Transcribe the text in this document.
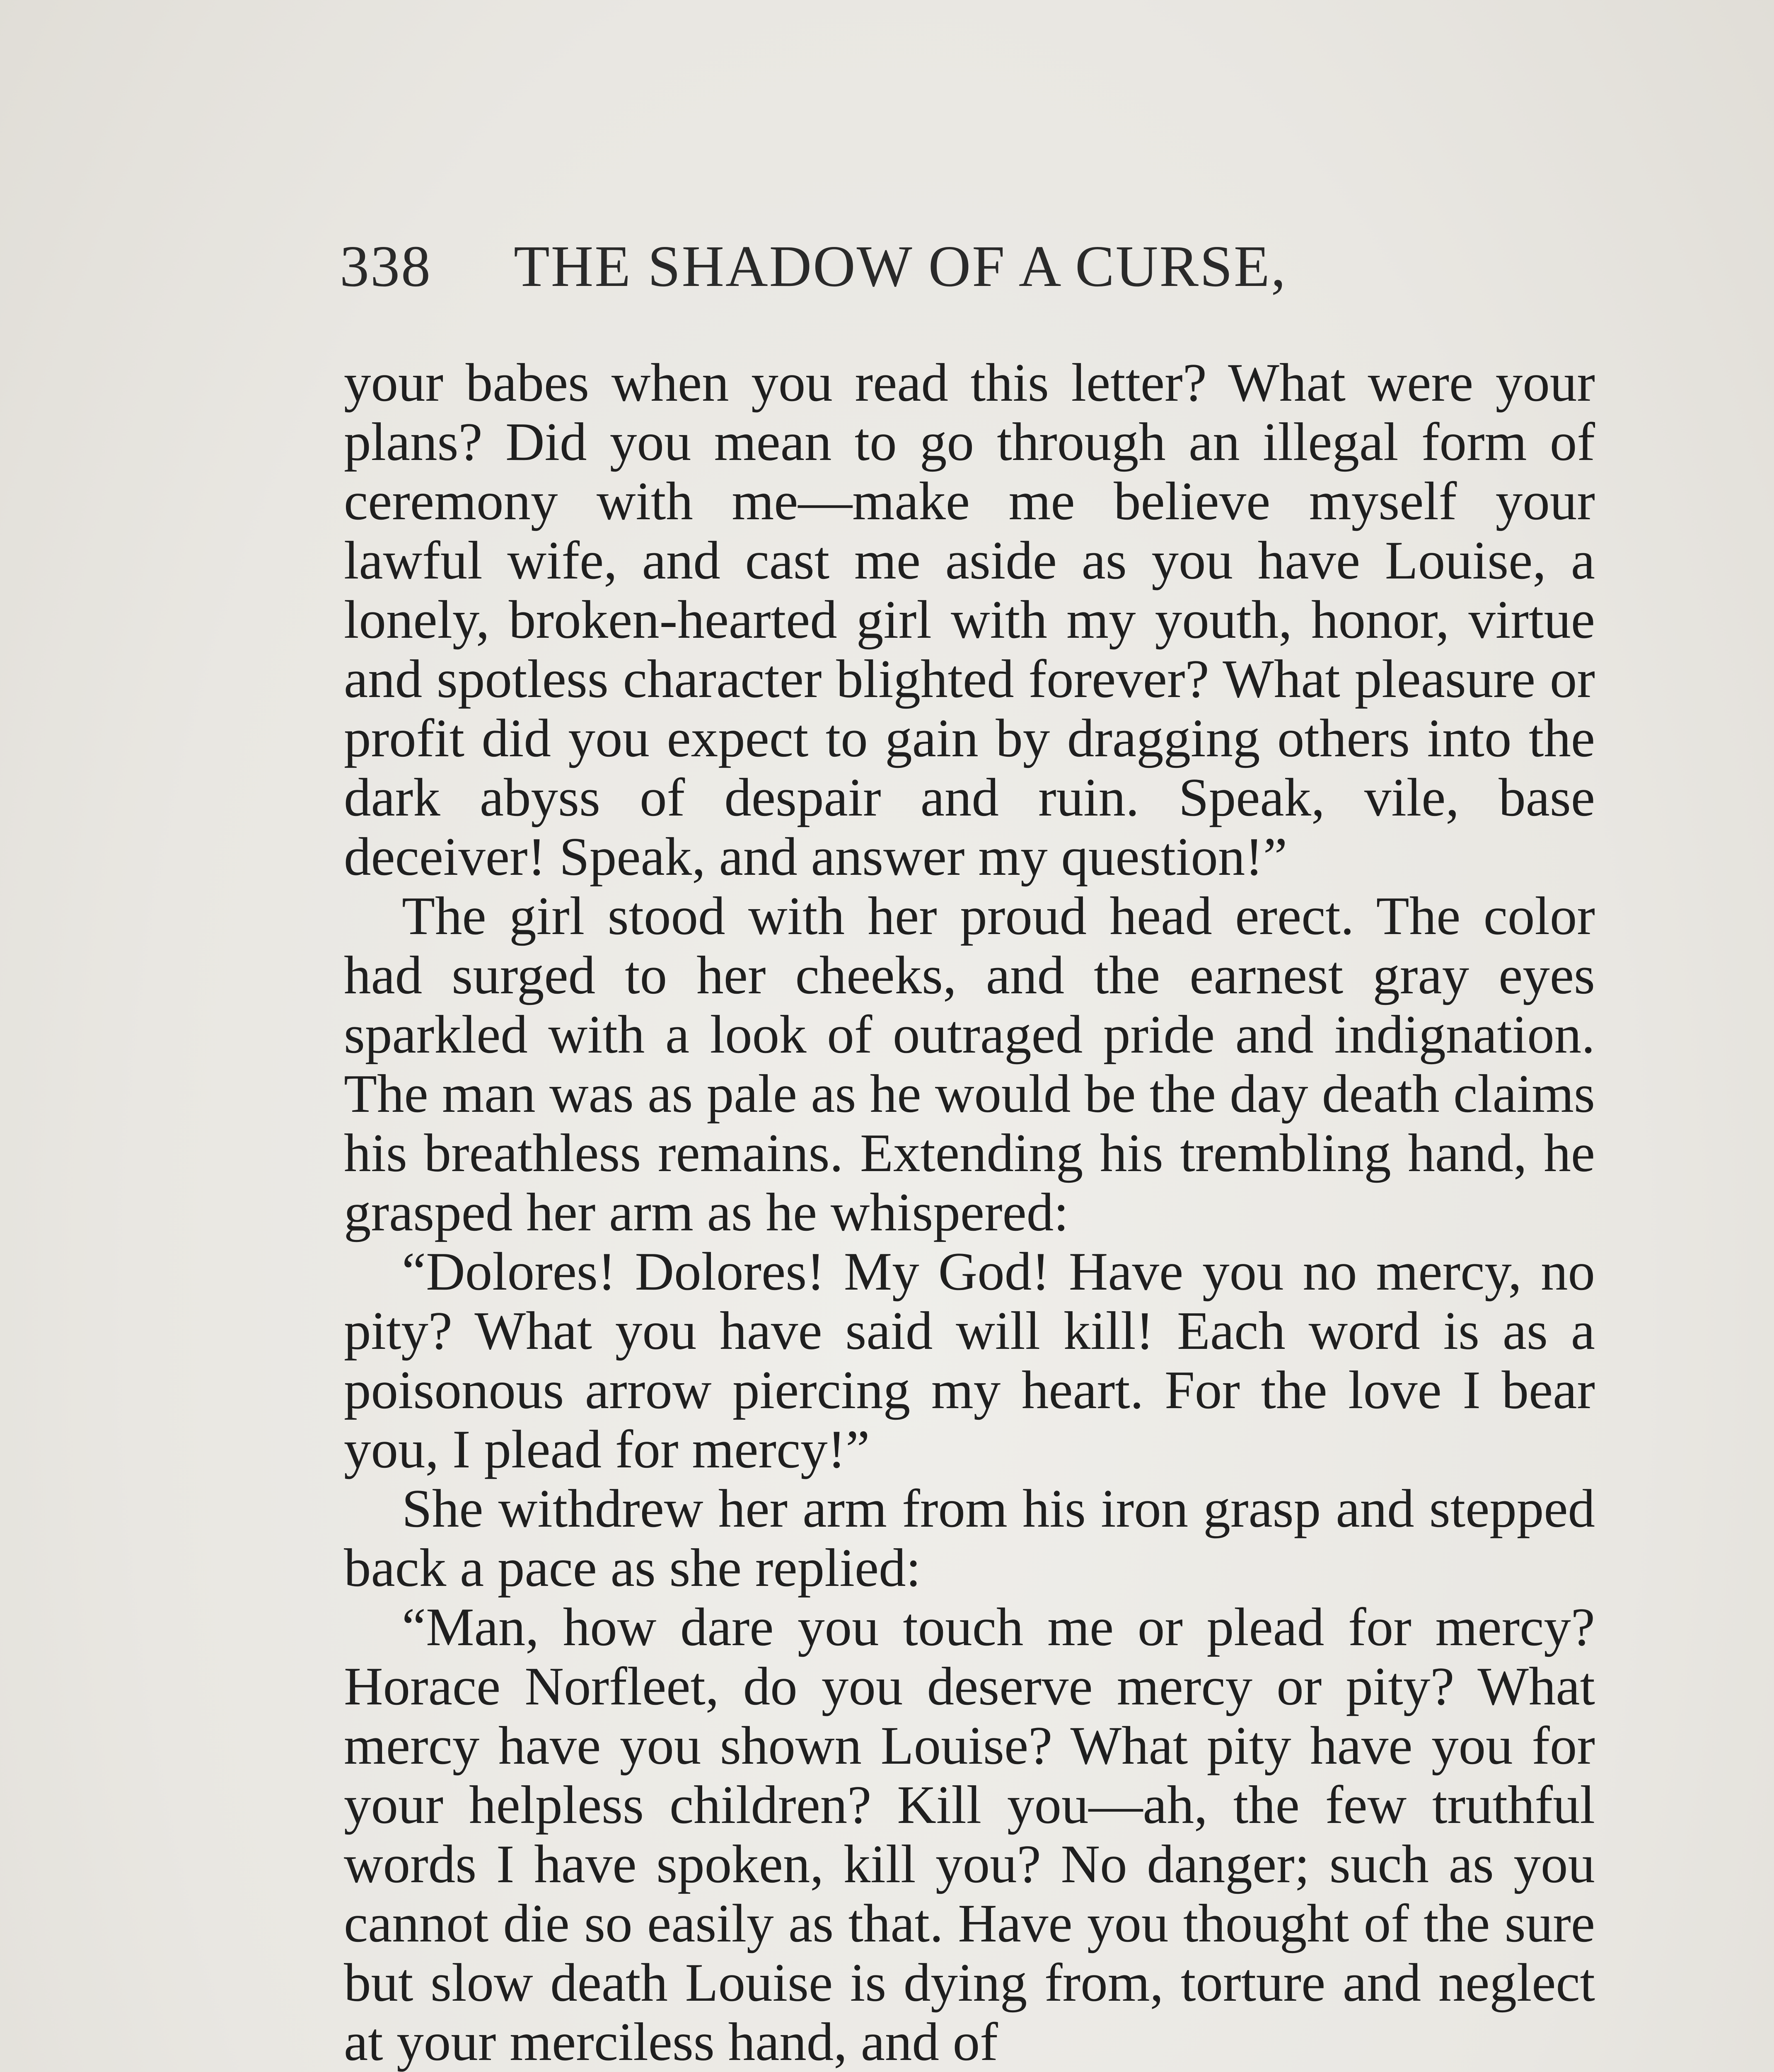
338 THE SHADOW OF A CURSE,

your babes when you read this letter? What were your plans? Did you mean to go through an illegal form of ceremony with me—make me believe myself your lawful wife, and cast me aside as you have Louise, a lonely, broken-hearted girl with my youth, honor, virtue and spotless character blighted forever? What pleasure or profit did you expect to gain by dragging others into the dark abyss of despair and ruin. Speak, vile, base deceiver! Speak, and answer my question!”

The girl stood with her proud head erect. The color had surged to her cheeks, and the earnest gray eyes sparkled with a look of outraged pride and indignation. The man was as pale as he would be the day death claims his breathless remains. Extending his trembling hand, he grasped her arm as he whispered:

“Dolores! Dolores! My God! Have you no mercy, no pity? What you have said will kill! Each word is as a poisonous arrow piercing my heart. For the love I bear you, I plead for mercy!”

She withdrew her arm from his iron grasp and stepped back a pace as she replied:

“Man, how dare you touch me or plead for mercy? Horace Norfleet, do you deserve mercy or pity? What mercy have you shown Louise? What pity have you for your helpless children? Kill you—ah, the few truthful words I have spoken, kill you? No danger; such as you cannot die so easily as that. Have you thought of the sure but slow death Louise is dying from, torture and neglect at your merciless hand, and of
